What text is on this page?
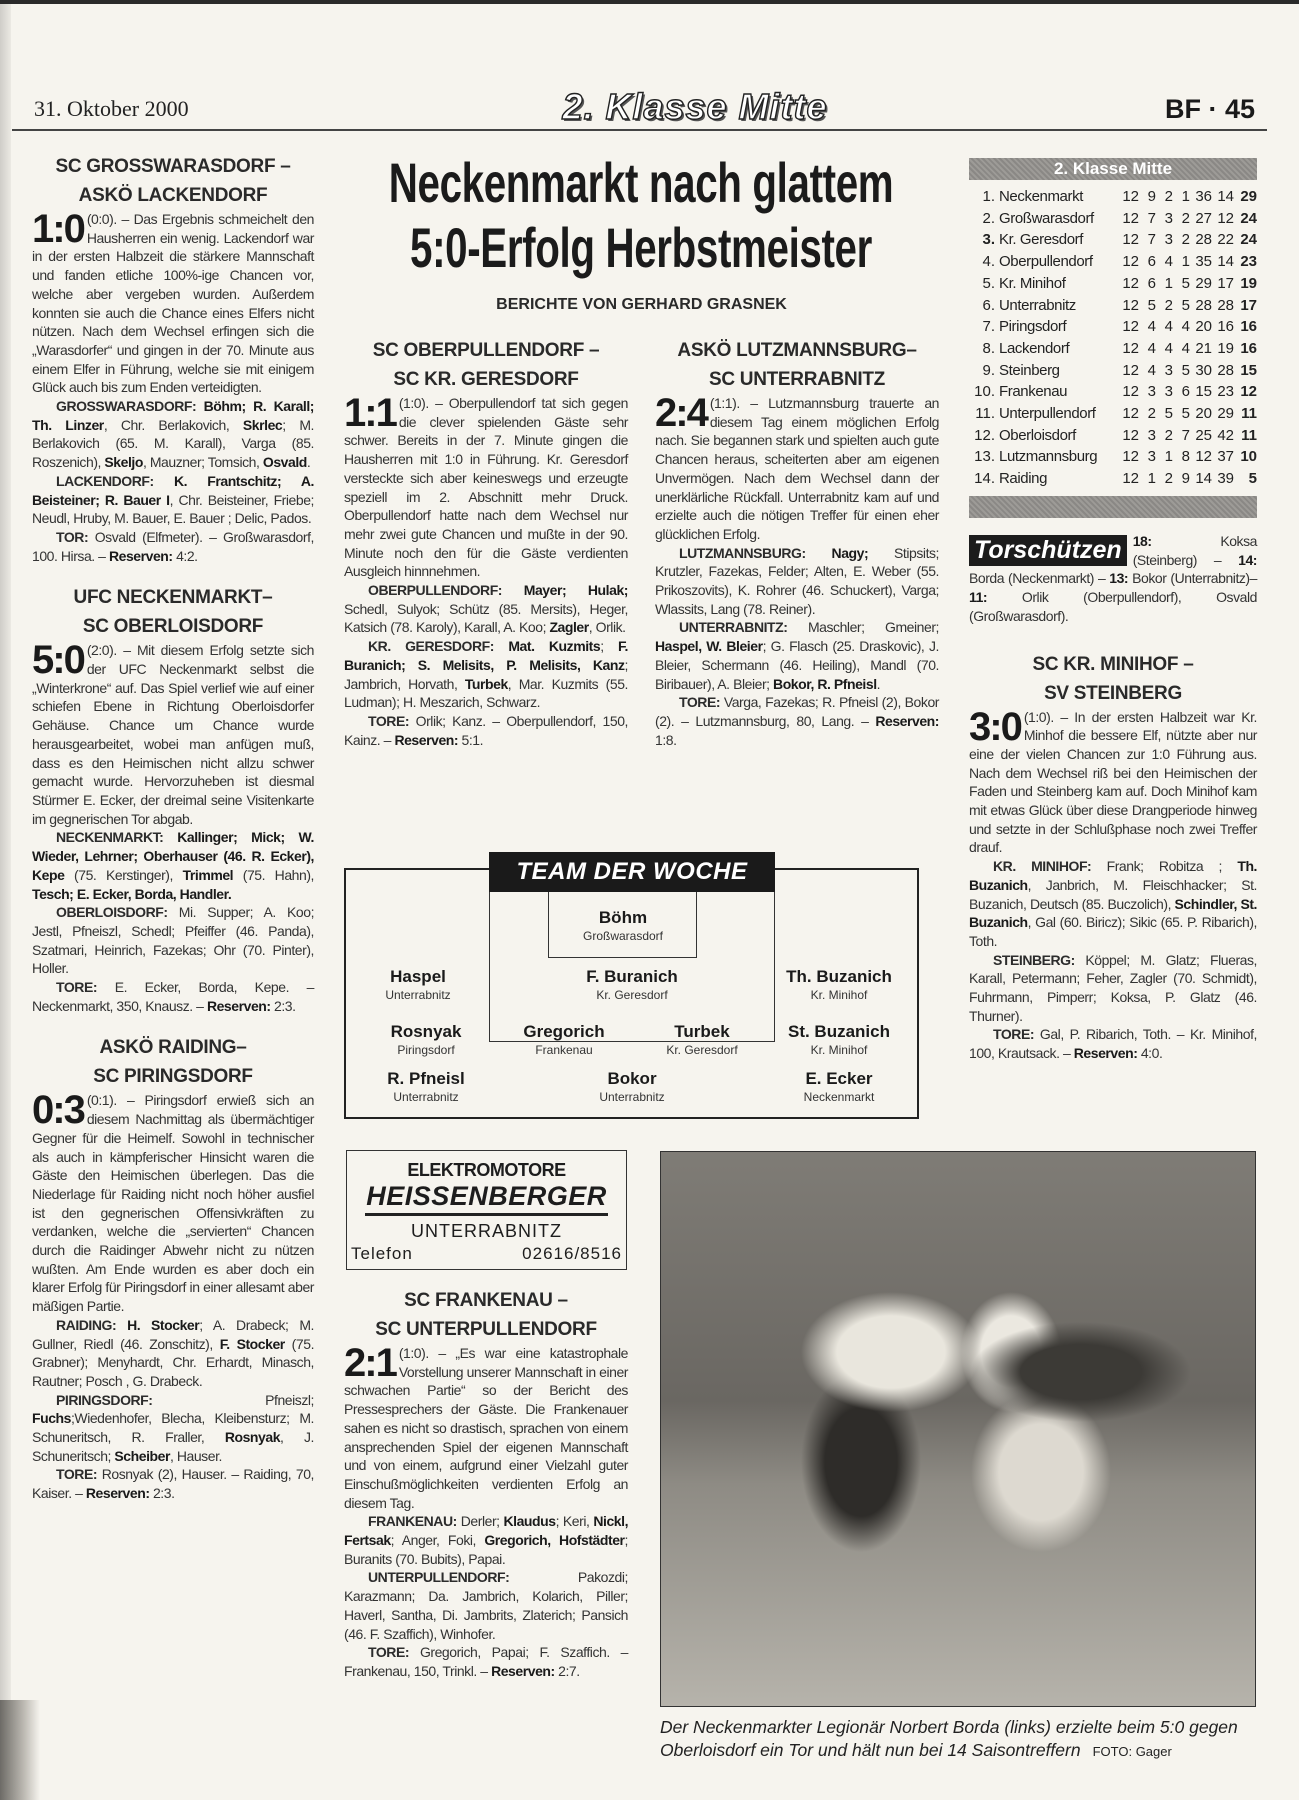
31. Oktober 2000	2. Klasse Mitte	BF · 45
Neckenmarkt nach glattem
5:0-Erfolg Herbstmeister
BERICHTE VON GERHARD GRASNEK
SC GROSSWARASDORF –
ASKÖ LACKENDORF

1:0 (0:0). – Das Ergebnis schmeichelt den Hausherren ein wenig. Lackendorf war in der ersten Halbzeit die stärkere Mannschaft und fanden etliche 100%-ige Chancen vor, welche aber vergeben wurden. Außerdem konnten sie auch die Chance eines Elfers nicht nützen. Nach dem Wechsel erfingen sich die „Warasdorfer“ und gingen in der 70. Minute aus einem Elfer in Führung, welche sie mit einigem Glück auch bis zum Enden verteidigten.

GROSSWARASDORF: Böhm; R. Karall; Th. Linzer, Chr. Berlakovich, Skrlec; M. Berlakovich (65. M. Karall), Varga (85. Roszenich), Skeljo, Mauzner; Tomsich, Osvald.

LACKENDORF: K. Frantschitz; A. Beisteiner; R. Bauer I, Chr. Beisteiner, Friebe; Neudl, Hruby, M. Bauer, E. Bauer ; Delic, Pados.

TOR: Osvald (Elfmeter). – Großwarasdorf, 100. Hirsa. – Reserven: 4:2.

UFC NECKENMARKT–
SC OBERLOISDORF

5:0 (2:0). – Mit diesem Erfolg setzte sich der UFC Neckenmarkt selbst die „Winterkrone“ auf. Das Spiel verlief wie auf einer schiefen Ebene in Richtung Oberloisdorfer Gehäuse. Chance um Chance wurde herausgearbeitet, wobei man anfügen muß, dass es den Heimischen nicht allzu schwer gemacht wurde. Hervorzuheben ist diesmal Stürmer E. Ecker, der dreimal seine Visitenkarte im gegnerischen Tor abgab.

NECKENMARKT: Kallinger; Mick; W. Wieder, Lehrner; Oberhauser (46. R. Ecker), Kepe (75. Kerstinger), Trimmel (75. Hahn), Tesch; E. Ecker, Borda, Handler.

OBERLOISDORF: Mi. Supper; A. Koo; Jestl, Pfneiszl, Schedl; Pfeiffer (46. Panda), Szatmari, Heinrich, Fazekas; Ohr (70. Pinter), Holler.

TORE: E. Ecker, Borda, Kepe. – Neckenmarkt, 350, Knausz. – Reserven: 2:3.

ASKÖ RAIDING–
SC PIRINGSDORF

0:3 (0:1). – Piringsdorf erwieß sich an diesem Nachmittag als übermächtiger Gegner für die Heimelf. Sowohl in technischer als auch in kämpferischer Hinsicht waren die Gäste den Heimischen überlegen. Das die Niederlage für Raiding nicht noch höher ausfiel ist den gegnerischen Offensivkräften zu verdanken, welche die „servierten“ Chancen durch die Raidinger Abwehr nicht zu nützen wußten. Am Ende wurden es aber doch ein klarer Erfolg für Piringsdorf in einer allesamt aber mäßigen Partie.

RAIDING: H. Stocker; A. Drabeck; M. Gullner, Riedl (46. Zonschitz), F. Stocker (75. Grabner); Menyhardt, Chr. Erhardt, Minasch, Rautner; Posch , G. Drabeck.

PIRINGSDORF: Pfneiszl; Fuchs;Wiedenhofer, Blecha, Kleibensturz; M. Schuneritsch, R. Fraller, Rosnyak, J. Schuneritsch; Scheiber, Hauser.

TORE: Rosnyak (2), Hauser. – Raiding, 70, Kaiser. – Reserven: 2:3.

SC OBERPULLENDORF –
SC KR. GERESDORF

1:1 (1:0). – Oberpullendorf tat sich gegen die clever spielenden Gäste sehr schwer. Bereits in der 7. Minute gingen die Hausherren mit 1:0 in Führung. Kr. Geresdorf versteckte sich aber keineswegs und erzeugte speziell im 2. Abschnitt mehr Druck. Oberpullendorf hatte nach dem Wechsel nur mehr zwei gute Chancen und mußte in der 90. Minute noch den für die Gäste verdienten Ausgleich hinnnehmen.

OBERPULLENDORF: Mayer; Hulak; Schedl, Sulyok; Schütz (85. Mersits), Heger, Katsich (78. Karoly), Karall, A. Koo; Zagler, Orlik.

KR. GERESDORF: Mat. Kuzmits; F. Buranich; S. Melisits, P. Melisits, Kanz; Jambrich, Horvath, Turbek, Mar. Kuzmits (55. Ludman); H. Meszarich, Schwarz.

TORE: Orlik; Kanz. – Oberpullendorf, 150, Kainz. – Reserven: 5:1.

ASKÖ LUTZMANNSBURG–
SC UNTERRABNITZ

2:4 (1:1). – Lutzmannsburg trauerte an diesem Tag einem möglichen Erfolg nach. Sie begannen stark und spielten auch gute Chancen heraus, scheiterten aber am eigenen Unvermögen. Nach dem Wechsel dann der unerklärliche Rückfall. Unterrabnitz kam auf und erzielte auch die nötigen Treffer für einen eher glücklichen Erfolg.

LUTZMANNSBURG: Nagy; Stipsits; Krutzler, Fazekas, Felder; Alten, E. Weber (55. Prikoszovits), K. Rohrer (46. Schuckert), Varga; Wlassits, Lang (78. Reiner).

UNTERRABNITZ: Maschler; Gmeiner; Haspel, W. Bleier; G. Flasch (25. Draskovic), J. Bleier, Schermann (46. Heiling), Mandl (70. Biribauer), A. Bleier; Bokor, R. Pfneisl.

TORE: Varga, Fazekas; R. Pfneisl (2), Bokor (2). – Lutzmannsburg, 80, Lang. – Reserven: 1:8.

2. Klasse Mitte
1. Neckenmarkt	12 9 2 1 36 14 29
2. Großwarasdorf	12 7 3 2 27 12 24
3. Kr. Geresdorf	12 7 3 2 28 22 24
4. Oberpullendorf	12 6 4 1 35 14 23
5. Kr. Minihof	12 6 1 5 29 17 19
6. Unterrabnitz	12 5 2 5 28 28 17
7. Piringsdorf	12 4 4 4 20 16 16
8. Lackendorf	12 4 4 4 21 19 16
9. Steinberg	12 4 3 5 30 28 15
10. Frankenau	12 3 3 6 15 23 12
11. Unterpullendorf	12 2 5 5 20 29 11
12. Oberloisdorf	12 3 2 7 25 42 11
13. Lutzmannsburg	12 3 1 8 12 37 10
14. Raiding	12 1 2 9 14 39 5
Torschützen 18: Koksa (Steinberg) – 14: Borda (Neckenmarkt) – 13: Bokor (Unterrabnitz)– 11: Orlik (Oberpullendorf), Osvald (Großwarasdorf).
SC KR. MINIHOF –
SV STEINBERG

3:0 (1:0). – In der ersten Halbzeit war Kr. Minhof die bessere Elf, nützte aber nur eine der vielen Chancen zur 1:0 Führung aus. Nach dem Wechsel riß bei den Heimischen der Faden und Steinberg kam auf. Doch Minihof kam mit etwas Glück über diese Drangperiode hinweg und setzte in der Schlußphase noch zwei Treffer drauf.

KR. MINIHOF: Frank; Robitza ; Th. Buzanich, Janbrich, M. Fleischhacker; St. Buzanich, Deutsch (85. Buczolich), Schindler, St. Buzanich, Gal (60. Biricz); Sikic (65. P. Ribarich), Toth.

STEINBERG: Köppel; M. Glatz; Flueras, Karall, Petermann; Feher, Zagler (70. Schmidt), Fuhrmann, Pimperr; Koksa, P. Glatz (46. Thurner).

TORE: Gal, P. Ribarich, Toth. – Kr. Minihof, 100, Krautsack. – Reserven: 4:0.

TEAM DER WOCHE
Böhm
Großwarasdorf
Haspel
Unterrabnitz
F. Buranich
Kr. Geresdorf
Th. Buzanich
Kr. Minihof
Rosnyak
Piringsdorf
Gregorich
Frankenau
Turbek
Kr. Geresdorf
St. Buzanich
Kr. Minihof
R. Pfneisl
Unterrabnitz
Bokor
Unterrabnitz
E. Ecker
Neckenmarkt
ELEKTROMOTORE
HEISSENBERGER
UNTERRABNITZ
Telefon	02616/8516
SC FRANKENAU –
SC UNTERPULLENDORF

2:1 (1:0). – „Es war eine katastrophale Vorstellung unserer Mannschaft in einer schwachen Partie“ so der Bericht des Pressesprechers der Gäste. Die Frankenauer sahen es nicht so drastisch, sprachen von einem ansprechenden Spiel der eigenen Mannschaft und von einem, aufgrund einer Vielzahl guter Einschußmöglichkeiten verdienten Erfolg an diesem Tag.

FRANKENAU: Derler; Klaudus; Keri, Nickl, Fertsak; Anger, Foki, Gregorich, Hofstädter; Buranits (70. Bubits), Papai.

UNTERPULLENDORF: Pakozdi; Karazmann; Da. Jambrich, Kolarich, Piller; Haverl, Santha, Di. Jambrits, Zlaterich; Pansich (46. F. Szaffich), Winhofer.

TORE: Gregorich, Papai; F. Szaffich. – Frankenau, 150, Trinkl. – Reserven: 2:7.

Der Neckenmarkter Legionär Norbert Borda (links) erzielte beim 5:0 gegen Oberloisdorf ein Tor und hält nun bei 14 Saisontreffern FOTO: Gager
